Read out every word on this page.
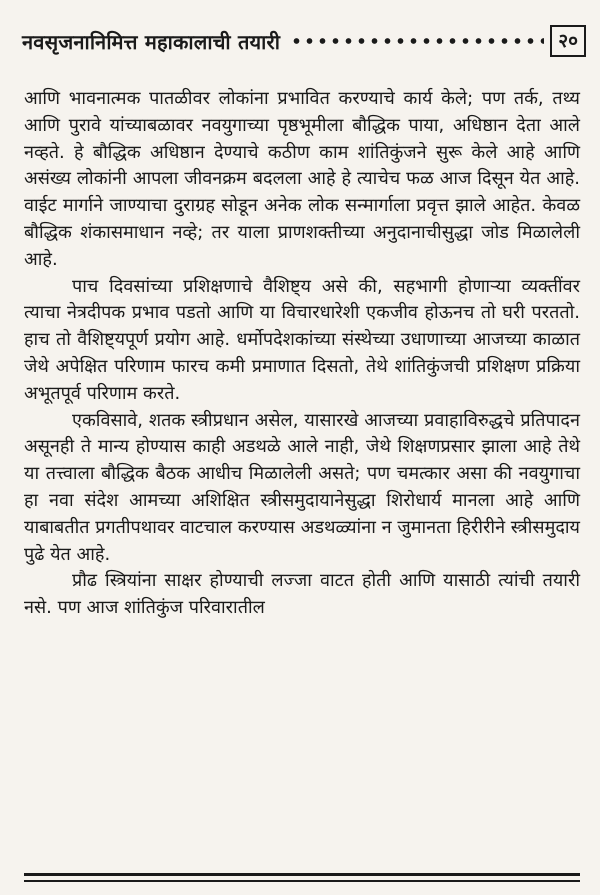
नवसृजनानिमित्त महाकालाची तयारी	२०

आणि भावनात्मक पातळीवर लोकांना प्रभावित करण्याचे कार्य केले; पण तर्क, तथ्य आणि पुरावे यांच्याबळावर नवयुगाच्या पृष्ठभूमीला बौद्धिक पाया, अधिष्ठान देता आले नव्हते. हे बौद्धिक अधिष्ठान देण्याचे कठीण काम शांतिकुंजने सुरू केले आहे आणि असंख्य लोकांनी आपला जीवनक्रम बदलला आहे हे त्याचेच फळ आज दिसून येत आहे. वाईट मार्गाने जाण्याचा दुराग्रह सोडून अनेक लोक सन्मार्गाला प्रवृत्त झाले आहेत. केवळ बौद्धिक शंकासमाधान नव्हे; तर याला प्राणशक्तीच्या अनुदानाचीसुद्धा जोड मिळालेली आहे.

पाच दिवसांच्या प्रशिक्षणाचे वैशिष्ट्य असे की, सहभागी होणाऱ्या व्यक्तींवर त्याचा नेत्रदीपक प्रभाव पडतो आणि या विचारधारेशी एकजीव होऊनच तो घरी परततो. हाच तो वैशिष्ट्यपूर्ण प्रयोग आहे. धर्मोपदेशकांच्या संस्थेच्या उधाणाच्या आजच्या काळात जेथे अपेक्षित परिणाम फारच कमी प्रमाणात दिसतो, तेथे शांतिकुंजची प्रशिक्षण प्रक्रिया अभूतपूर्व परिणाम करते.

एकविसावे, शतक स्त्रीप्रधान असेल, यासारखे आजच्या प्रवाहाविरुद्धचे प्रतिपादन असूनही ते मान्य होण्यास काही अडथळे आले नाही, जेथे शिक्षणप्रसार झाला आहे तेथे या तत्त्वाला बौद्धिक बैठक आधीच मिळालेली असते; पण चमत्कार असा की नवयुगाचा हा नवा संदेश आमच्या अशिक्षित स्त्रीसमुदायानेसुद्धा शिरोधार्य मानला आहे आणि याबाबतीत प्रगतीपथावर वाटचाल करण्यास अडथळ्यांना न जुमानता हिरीरीने स्त्रीसमुदाय पुढे येत आहे.

प्रौढ स्त्रियांना साक्षर होण्याची लज्जा वाटत होती आणि यासाठी त्यांची तयारी नसे. पण आज शांतिकुंज परिवारातील
